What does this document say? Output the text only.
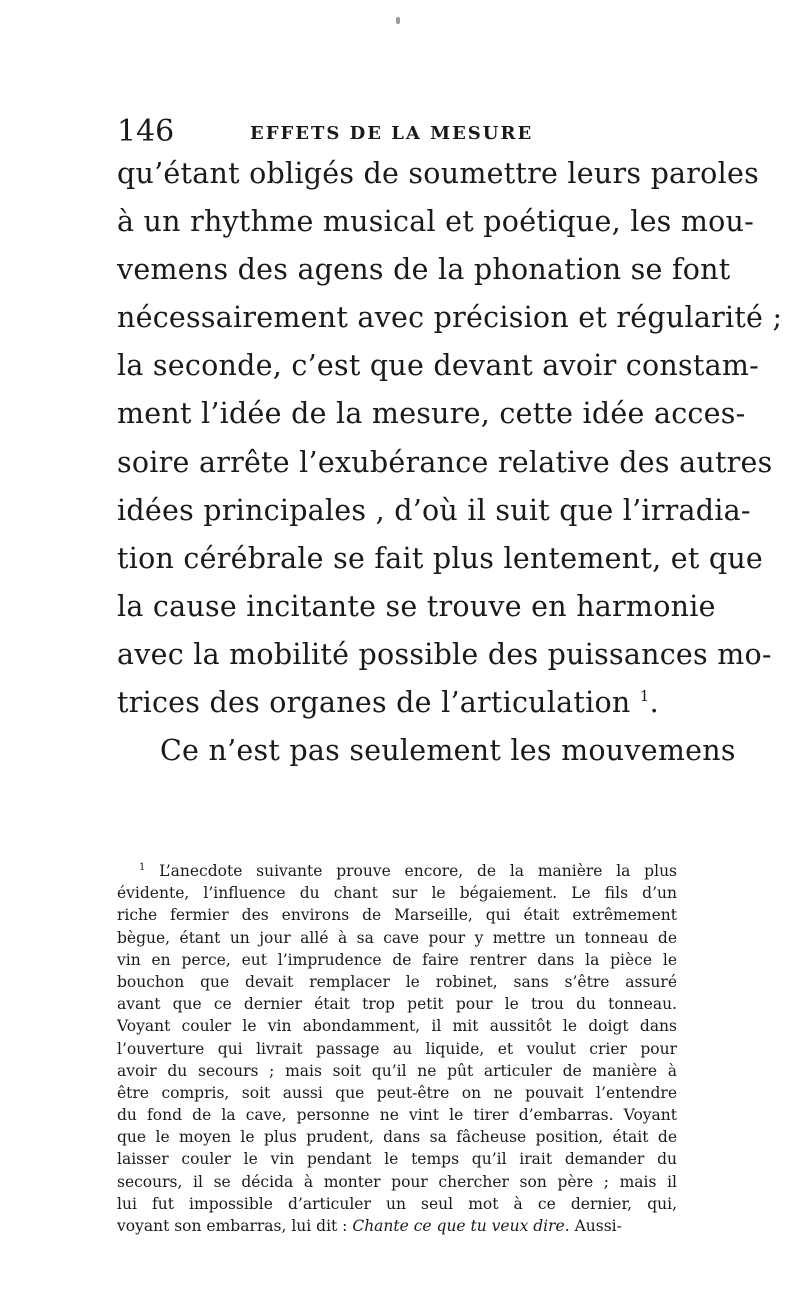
146	EFFETS DE LA MESURE
qu’étant obligés de soumettre leurs paroles
à un rhythme musical et poétique, les mou-
vemens des agens de la phonation se font
nécessairement avec précision et régularité ;
la seconde, c’est que devant avoir constam-
ment l’idée de la mesure, cette idée acces-
soire arrête l’exubérance relative des autres
idées principales , d’où il suit que l’irradia-
tion cérébrale se fait plus lentement, et que
la cause incitante se trouve en harmonie
avec la mobilité possible des puissances mo-
trices des organes de l’articulation $^1$.
Ce n’est pas seulement les mouvemens
$^1$ L’anecdote suivante prouve encore, de la manière la plus
évidente, l’influence du chant sur le bégaiement. Le fils d’un
riche fermier des environs de Marseille, qui était extrêmement
bègue, étant un jour allé à sa cave pour y mettre un tonneau de
vin en perce, eut l’imprudence de faire rentrer dans la pièce le
bouchon que devait remplacer le robinet, sans s’être assuré
avant que ce dernier était trop petit pour le trou du tonneau.
Voyant couler le vin abondamment, il mit aussitôt le doigt dans
l’ouverture qui livrait passage au liquide, et voulut crier pour
avoir du secours ; mais soit qu’il ne pût articuler de manière à
être compris, soit aussi que peut-être on ne pouvait l’entendre
du fond de la cave, personne ne vint le tirer d’embarras. Voyant
que le moyen le plus prudent, dans sa fâcheuse position, était de
laisser couler le vin pendant le temps qu’il irait demander du
secours, il se décida à monter pour chercher son père ; mais il
lui fut impossible d’articuler un seul mot à ce dernier, qui,
voyant son embarras, lui dit : Chante ce que tu veux dire. Aussi-
